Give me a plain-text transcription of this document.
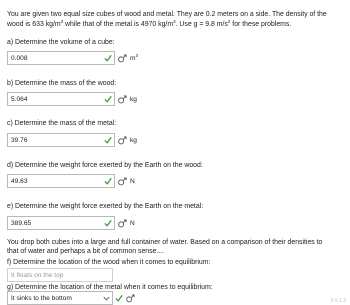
You are given two equal size cubes of wood and metal. They are 0.2 meters on a side. The density of the
wood is 633 $kg/m^3$ while that of the metal is 4970 $kg/m^3$. Use g = 9.8 $m/s^2$ for these problems.
a) Determine the volume of a cube:
0.008	$m^3$
b) Determine the mass of the wood:
5.064	kg
c) Determine the mass of the metal:
39.76	kg
d) Determine the weight force exerted by the Earth on the wood:
49.63	N
e) Determine the weight force exerted by the Earth on the metal:
389.65	N
You drop both cubes into a large and full container of water. Based on a comparison of their densities to
that of water and perhaps a bit of common sense....
f) Determine the location of the wood when it comes to equilibrium:
It floats on the top
g) Determine the location of the metal when it comes to equilibrium:
It sinks to the bottom	0 o 1 2
